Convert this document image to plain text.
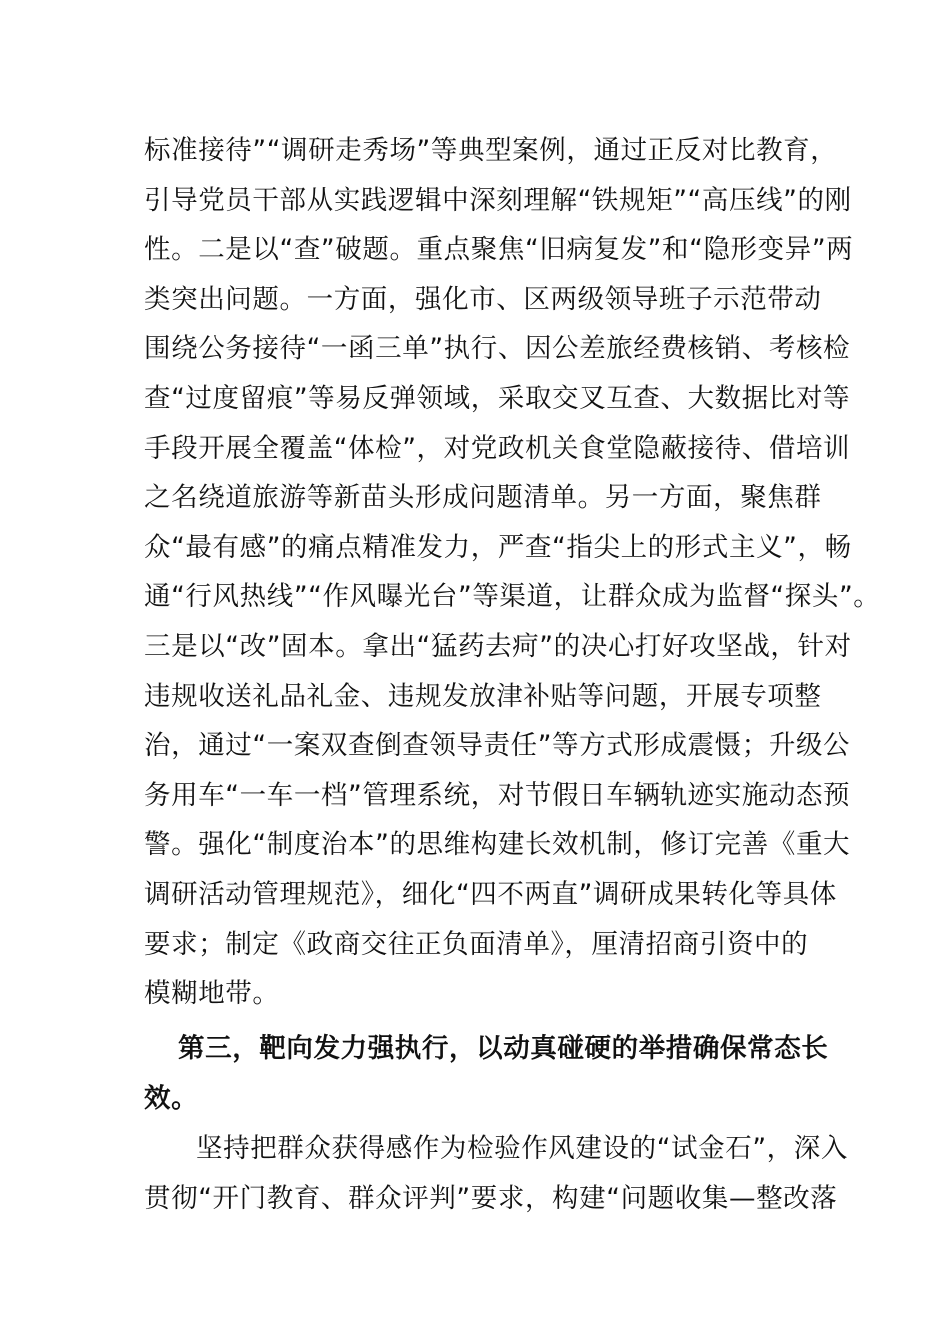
标准接待”“调研走秀场”等典型案例，通过正反对比教育，
引导党员干部从实践逻辑中深刻理解“铁规矩”“高压线”的刚
性。二是以“查”破题。重点聚焦“旧病复发”和“隐形变异”两
类突出问题。一方面，强化市、区两级领导班子示范带动
围绕公务接待“一函三单”执行、因公差旅经费核销、考核检
查“过度留痕”等易反弹领域，采取交叉互查、大数据比对等
手段开展全覆盖“体检”，对党政机关食堂隐蔽接待、借培训
之名绕道旅游等新苗头形成问题清单。另一方面，聚焦群
众“最有感”的痛点精准发力，严查“指尖上的形式主义”，畅
通“行风热线”“作风曝光台”等渠道，让群众成为监督“探头”。
三是以“改”固本。拿出“猛药去疴”的决心打好攻坚战，针对
违规收送礼品礼金、违规发放津补贴等问题，开展专项整
治，通过“一案双查倒查领导责任”等方式形成震慑；升级公
务用车“一车一档”管理系统，对节假日车辆轨迹实施动态预
警。强化“制度治本”的思维构建长效机制，修订完善《重大
调研活动管理规范》，细化“四不两直”调研成果转化等具体
要求；制定《政商交往正负面清单》，厘清招商引资中的
模糊地带。
第三，靶向发力强执行，以动真碰硬的举措确保常态长
效。
坚持把群众获得感作为检验作风建设的“试金石”，深入
贯彻“开门教育、群众评判”要求，构建“问题收集—整改落
